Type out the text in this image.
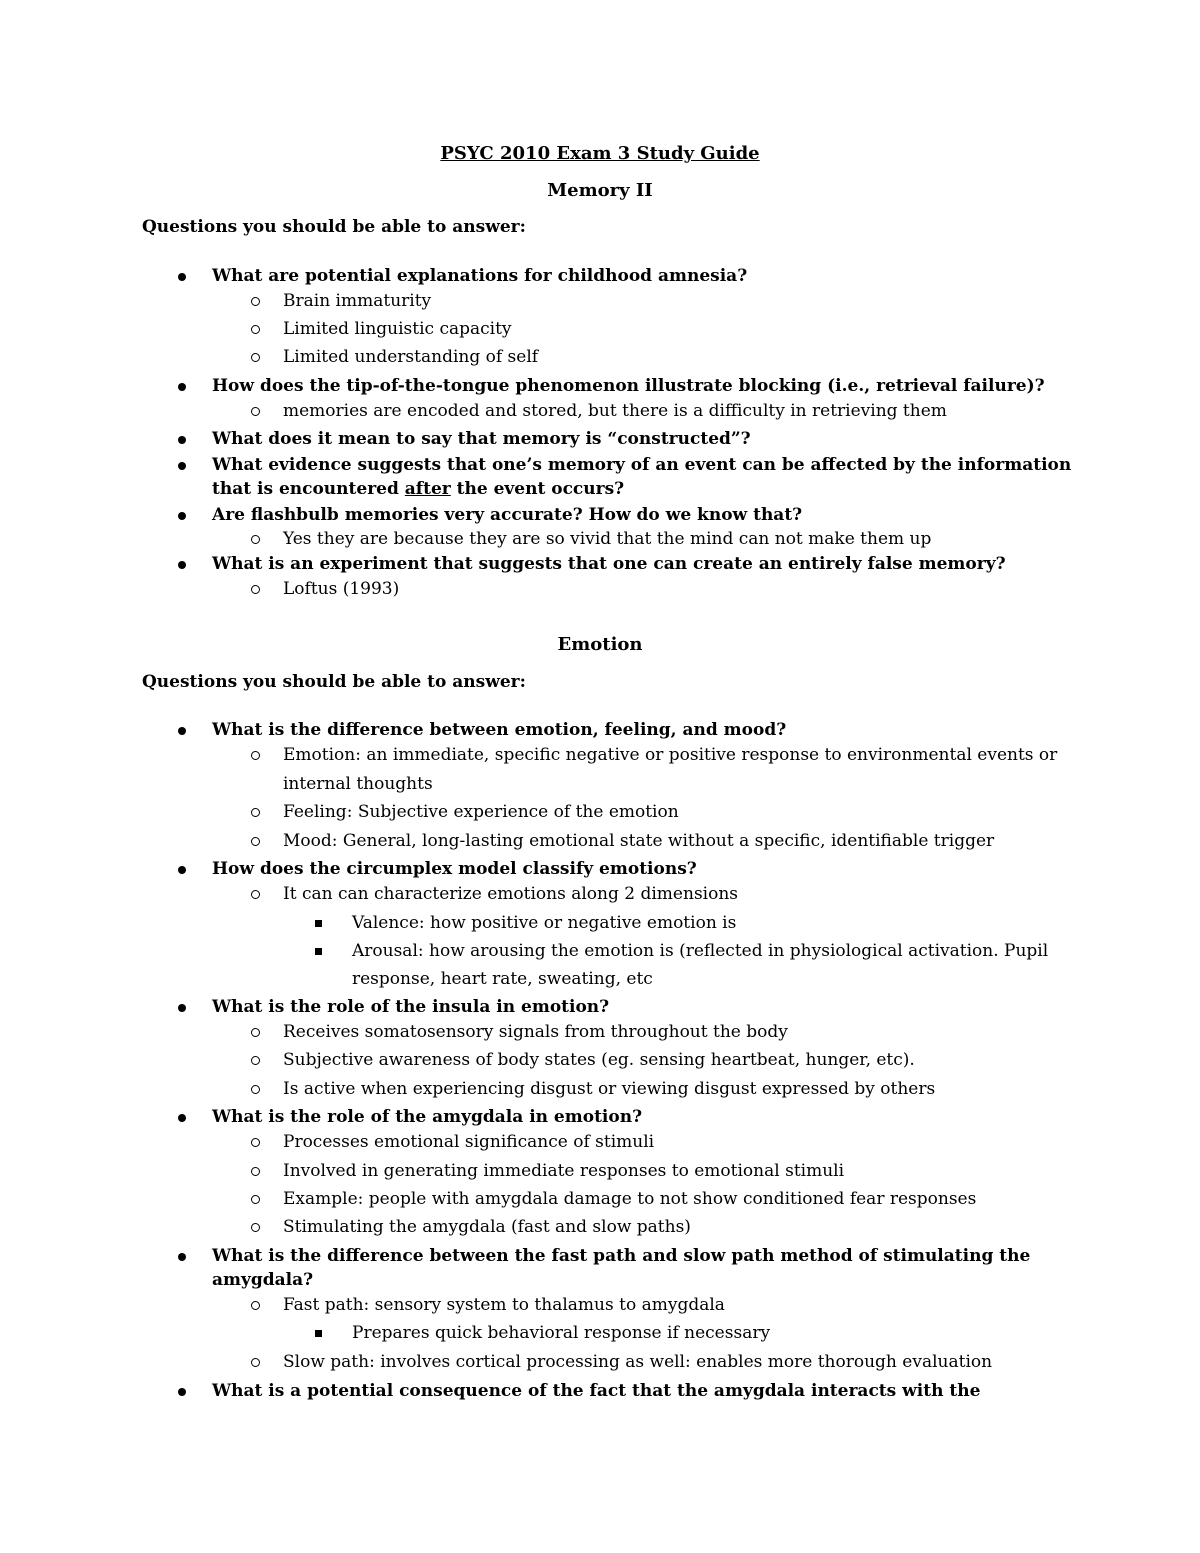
PSYC 2010 Exam 3 Study Guide
Memory II
Questions you should be able to answer:
What are potential explanations for childhood amnesia?
Brain immaturity
Limited linguistic capacity
Limited understanding of self
How does the tip-of-the-tongue phenomenon illustrate blocking (i.e., retrieval failure)?
memories are encoded and stored, but there is a difficulty in retrieving them
What does it mean to say that memory is “constructed”?
What evidence suggests that one’s memory of an event can be affected by the information
that is encountered after the event occurs?
Are flashbulb memories very accurate? How do we know that?
Yes they are because they are so vivid that the mind can not make them up
What is an experiment that suggests that one can create an entirely false memory?
Loftus (1993)
Emotion
Questions you should be able to answer:
What is the difference between emotion, feeling, and mood?
Emotion: an immediate, specific negative or positive response to environmental events or
internal thoughts
Feeling: Subjective experience of the emotion
Mood: General, long-lasting emotional state without a specific, identifiable trigger
How does the circumplex model classify emotions?
It can can characterize emotions along 2 dimensions
Valence: how positive or negative emotion is
Arousal: how arousing the emotion is (reflected in physiological activation. Pupil
response, heart rate, sweating, etc
What is the role of the insula in emotion?
Receives somatosensory signals from throughout the body
Subjective awareness of body states (eg. sensing heartbeat, hunger, etc).
Is active when experiencing disgust or viewing disgust expressed by others
What is the role of the amygdala in emotion?
Processes emotional significance of stimuli
Involved in generating immediate responses to emotional stimuli
Example: people with amygdala damage to not show conditioned fear responses
Stimulating the amygdala (fast and slow paths)
What is the difference between the fast path and slow path method of stimulating the
amygdala?
Fast path: sensory system to thalamus to amygdala
Prepares quick behavioral response if necessary
Slow path: involves cortical processing as well: enables more thorough evaluation
What is a potential consequence of the fact that the amygdala interacts with the
